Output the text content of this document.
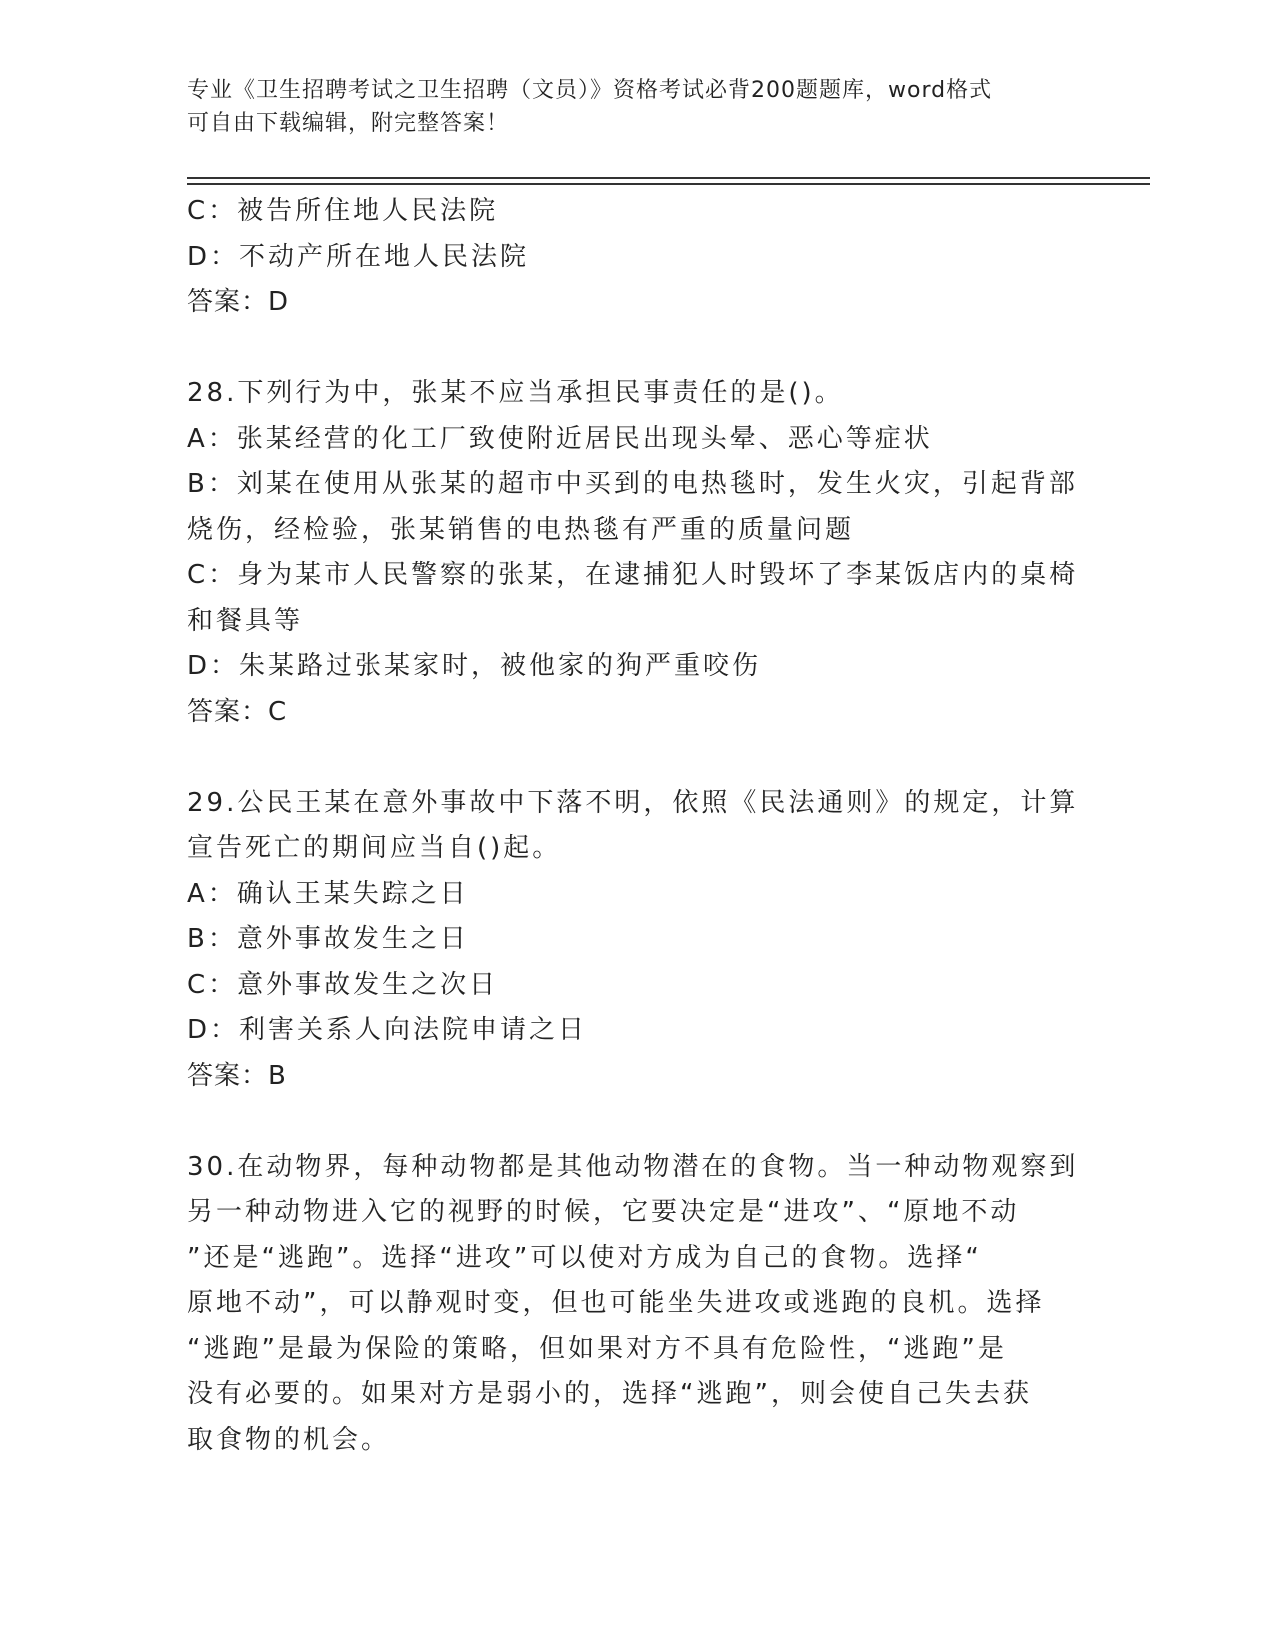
专业《卫生招聘考试之卫生招聘（文员）》资格考试必背200题题库，word格式
可自由下载编辑，附完整答案！
C：被告所住地人民法院
D：不动产所在地人民法院
答案：D
28.下列行为中，张某不应当承担民事责任的是()。
A：张某经营的化工厂致使附近居民出现头晕、恶心等症状
B：刘某在使用从张某的超市中买到的电热毯时，发生火灾，引起背部
烧伤，经检验，张某销售的电热毯有严重的质量问题
C：身为某市人民警察的张某，在逮捕犯人时毁坏了李某饭店内的桌椅
和餐具等
D：朱某路过张某家时，被他家的狗严重咬伤
答案：C
29.公民王某在意外事故中下落不明，依照《民法通则》的规定，计算
宣告死亡的期间应当自()起。
A：确认王某失踪之日
B：意外事故发生之日
C：意外事故发生之次日
D：利害关系人向法院申请之日
答案：B
30.在动物界，每种动物都是其他动物潜在的食物。当一种动物观察到
另一种动物进入它的视野的时候，它要决定是“进攻”、“原地不动
”还是“逃跑”。选择“进攻”可以使对方成为自己的食物。选择“
原地不动”，可以静观时变，但也可能坐失进攻或逃跑的良机。选择
“逃跑”是最为保险的策略，但如果对方不具有危险性，“逃跑”是
没有必要的。如果对方是弱小的，选择“逃跑”，则会使自己失去获
取食物的机会。
